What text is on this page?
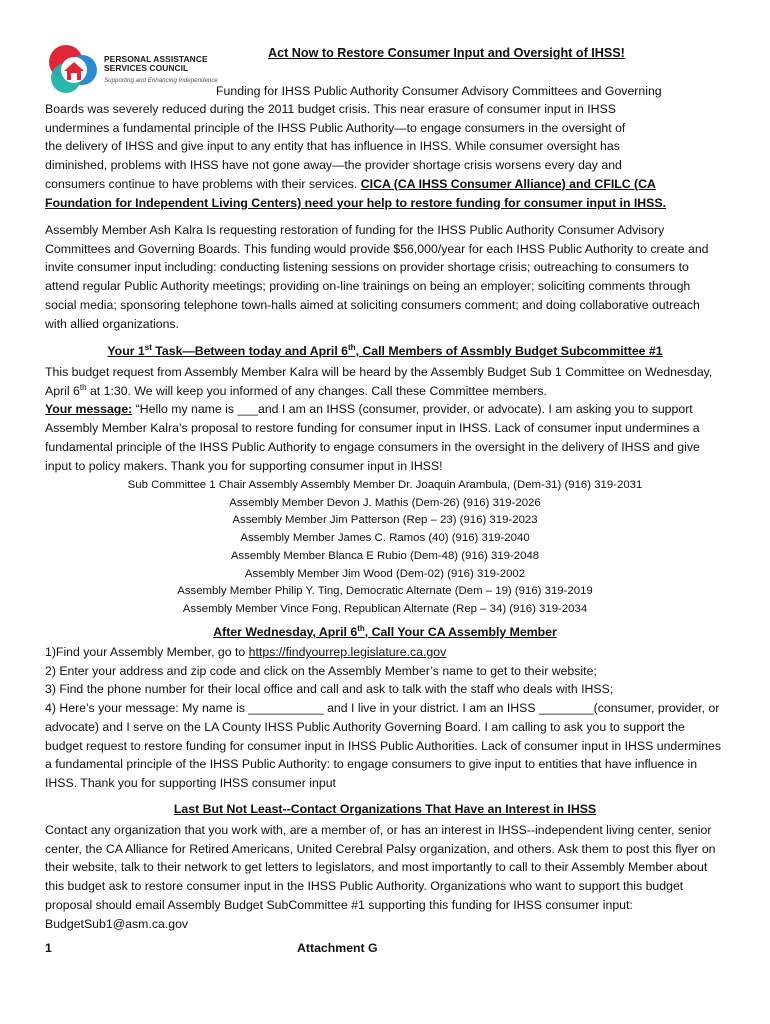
PERSONAL ASSISTANCE
SERVICES COUNCIL
Supporting and Enhancing Independence
Act Now to Restore Consumer Input and Oversight of IHSS!
Funding for IHSS Public Authority Consumer Advisory Committees and Governing
Boards was severely reduced during the 2011 budget crisis. This near erasure of consumer input in IHSS
undermines a fundamental principle of the IHSS Public Authority—to engage consumers in the oversight of
the delivery of IHSS and give input to any entity that has influence in IHSS. While consumer oversight has
diminished, problems with IHSS have not gone away—the provider shortage crisis worsens every day and
consumers continue to have problems with their services. CICA (CA IHSS Consumer Alliance) and CFILC (CA
Foundation for Independent Living Centers) need your help to restore funding for consumer input in IHSS.

Assembly Member Ash Kalra Is requesting restoration of funding for the IHSS Public Authority Consumer Advisory Committees and Governing Boards. This funding would provide $56,000/year for each IHSS Public Authority to create and invite consumer input including: conducting listening sessions on provider shortage crisis; outreaching to consumers to attend regular Public Authority meetings; providing on-line trainings on being an employer; soliciting comments through social media; sponsoring telephone town-halls aimed at soliciting consumers comment; and doing collaborative outreach with allied organizations.

Your 1st Task—Between today and April 6th, Call Members of Assmbly Budget Subcommittee #1

This budget request from Assembly Member Kalra will be heard by the Assembly Budget Sub 1 Committee on Wednesday, April 6th at 1:30. We will keep you informed of any changes. Call these Committee members.

Your message: “Hello my name is ___and I am an IHSS (consumer, provider, or advocate). I am asking you to support Assembly Member Kalra’s proposal to restore funding for consumer input in IHSS. Lack of consumer input undermines a fundamental principle of the IHSS Public Authority to engage consumers in the oversight in the delivery of IHSS and give input to policy makers. Thank you for supporting consumer input in IHSS!

Sub Committee 1 Chair Assembly Assembly Member Dr. Joaquin Arambula, (Dem-31) (916) 319-2031
Assembly Member Devon J. Mathis (Dem-26) (916) 319-2026
Assembly Member Jim Patterson (Rep – 23) (916) 319-2023
Assembly Member James C. Ramos (40) (916) 319-2040
Assembly Member Blanca E Rubio (Dem-48) (916) 319-2048
Assembly Member Jim Wood (Dem-02) (916) 319-2002
Assembly Member Philip Y. Ting, Democratic Alternate (Dem – 19) (916) 319-2019
Assembly Member Vince Fong, Republican Alternate (Rep – 34) (916) 319-2034
After Wednesday, April 6th, Call Your CA Assembly Member

1)Find your Assembly Member, go to https://findyourrep.legislature.ca.gov

2) Enter your address and zip code and click on the Assembly Member’s name to get to their website;

3) Find the phone number for their local office and call and ask to talk with the staff who deals with IHSS;

4) Here’s your message: My name is ___________ and I live in your district. I am an IHSS ________(consumer, provider, or advocate) and I serve on the LA County IHSS Public Authority Governing Board. I am calling to ask you to support the budget request to restore funding for consumer input in IHSS Public Authorities. Lack of consumer input in IHSS undermines a fundamental principle of the IHSS Public Authority: to engage consumers to give input to entities that have influence in IHSS. Thank you for supporting IHSS consumer input

Last But Not Least--Contact Organizations That Have an Interest in IHSS

Contact any organization that you work with, are a member of, or has an interest in IHSS--independent living center, senior center, the CA Alliance for Retired Americans, United Cerebral Palsy organization, and others. Ask them to post this flyer on their website, talk to their network to get letters to legislators, and most importantly to call to their Assembly Member about this budget ask to restore consumer input in the IHSS Public Authority. Organizations who want to support this budget proposal should email Assembly Budget SubCommittee #1 supporting this funding for IHSS consumer input: BudgetSub1@asm.ca.gov

1	Attachment G
